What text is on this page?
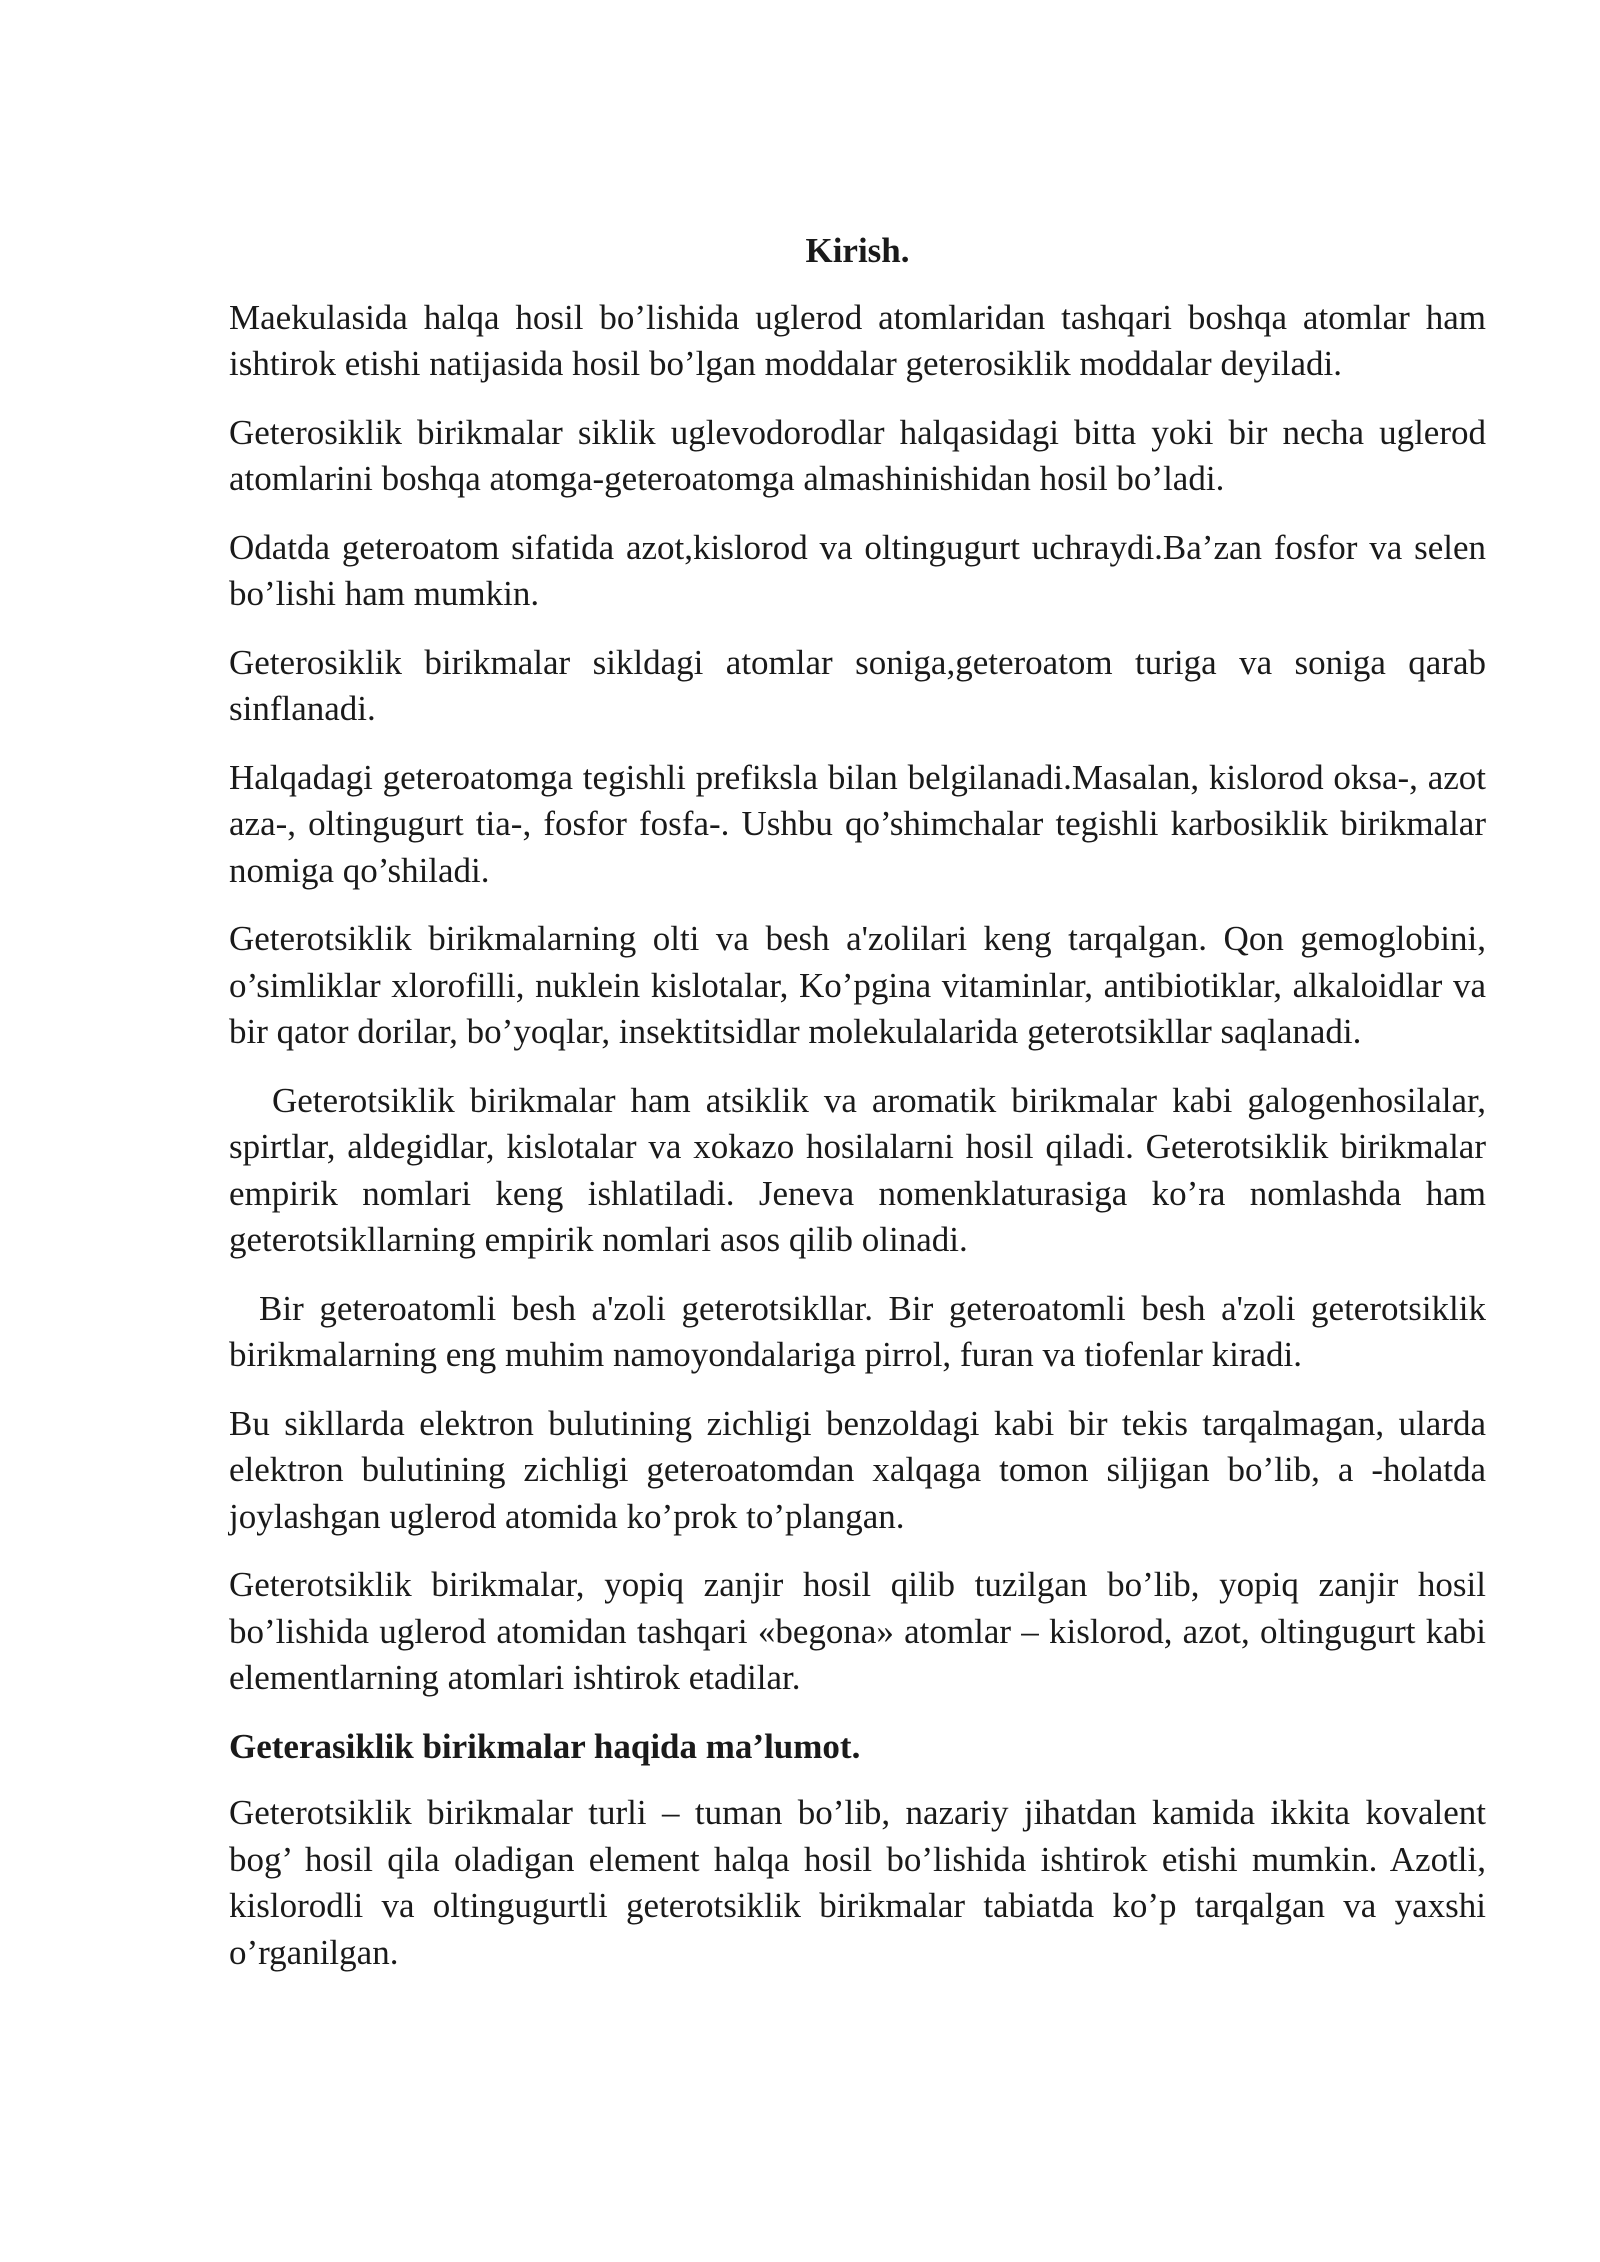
Kirish.

Maekulasida halqa hosil bo’lishida uglerod atomlaridan tashqari boshqa atomlar ham ishtirok etishi natijasida hosil bo’lgan moddalar geterosiklik moddalar deyiladi.

Geterosiklik birikmalar siklik uglevodorodlar halqasidagi bitta yoki bir necha uglerod atomlarini boshqa atomga-geteroatomga almashinishidan hosil bo’ladi.

Odatda geteroatom sifatida azot,kislorod va oltingugurt uchraydi.Ba’zan fosfor va selen bo’lishi ham mumkin.

Geterosiklik birikmalar sikldagi atomlar soniga,geteroatom turiga va soniga qarab sinflanadi.

Halqadagi geteroatomga tegishli prefiksla bilan belgilanadi.Masalan, kislorod oksa-, azot aza-, oltingugurt tia-, fosfor fosfa-. Ushbu qo’shimchalar tegishli karbosiklik birikmalar nomiga qo’shiladi.

Geterotsiklik birikmalarning olti va besh a'zolilari keng tarqalgan. Qon gemoglobini, o’simliklar xlorofilli, nuklein kislotalar, Ko’pgina vitaminlar, antibiotiklar, alkaloidlar va bir qator dorilar, bo’yoqlar, insektitsidlar molekulalarida geterotsikllar saqlanadi.

Geterotsiklik birikmalar ham atsiklik va aromatik birikmalar kabi galogenhosilalar, spirtlar, aldegidlar, kislotalar va xokazo hosilalarni hosil qiladi. Geterotsiklik birikmalar empirik nomlari keng ishlatiladi. Jeneva nomenklaturasiga ko’ra nomlashda ham geterotsikllarning empirik nomlari asos qilib olinadi.

Bir geteroatomli besh a'zoli geterotsikllar. Bir geteroatomli besh a'zoli geterotsiklik birikmalarning eng muhim namoyondalariga pirrol, furan va tiofenlar kiradi.

Bu sikllarda elektron bulutining zichligi benzoldagi kabi bir tekis tarqalmagan, ularda elektron bulutining zichligi geteroatomdan xalqaga tomon siljigan bo’lib, a -holatda joylashgan uglerod atomida ko’prok to’plangan.

Geterotsiklik birikmalar, yopiq zanjir hosil qilib tuzilgan bo’lib, yopiq zanjir hosil bo’lishida uglerod atomidan tashqari «begona» atomlar – kislorod, azot, oltingugurt kabi elementlarning atomlari ishtirok etadilar.

Geterasiklik birikmalar haqida ma’lumot.

Geterotsiklik birikmalar turli – tuman bo’lib, nazariy jihatdan kamida ikkita kovalent bog’ hosil qila oladigan element halqa hosil bo’lishida ishtirok etishi mumkin. Azotli, kislorodli va oltingugurtli geterotsiklik birikmalar tabiatda ko’p tarqalgan va yaxshi o’rganilgan.
